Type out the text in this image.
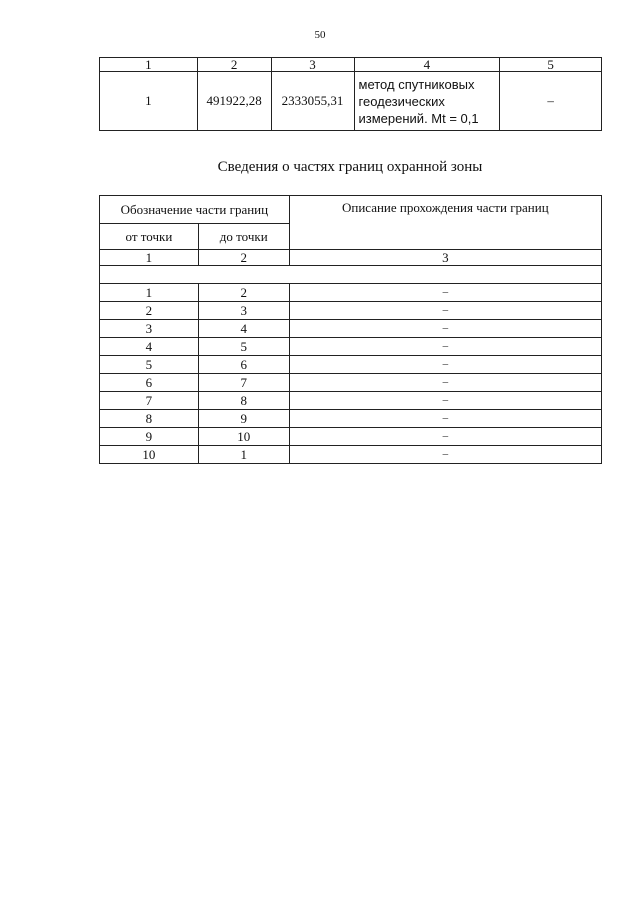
50
1	2	3	4	5
1	491922,28	2333055,31	метод спутниковых
геодезических
измерений. Mt = 0,1	–
Сведения о частях границ охранной зоны
Обозначение части границ		Описание прохождения части границ
от точки	до точки	
1	2	3

1	2	–
2	3	–
3	4	–
4	5	–
5	6	–
6	7	–
7	8	–
8	9	–
9	10	–
10	1	–
